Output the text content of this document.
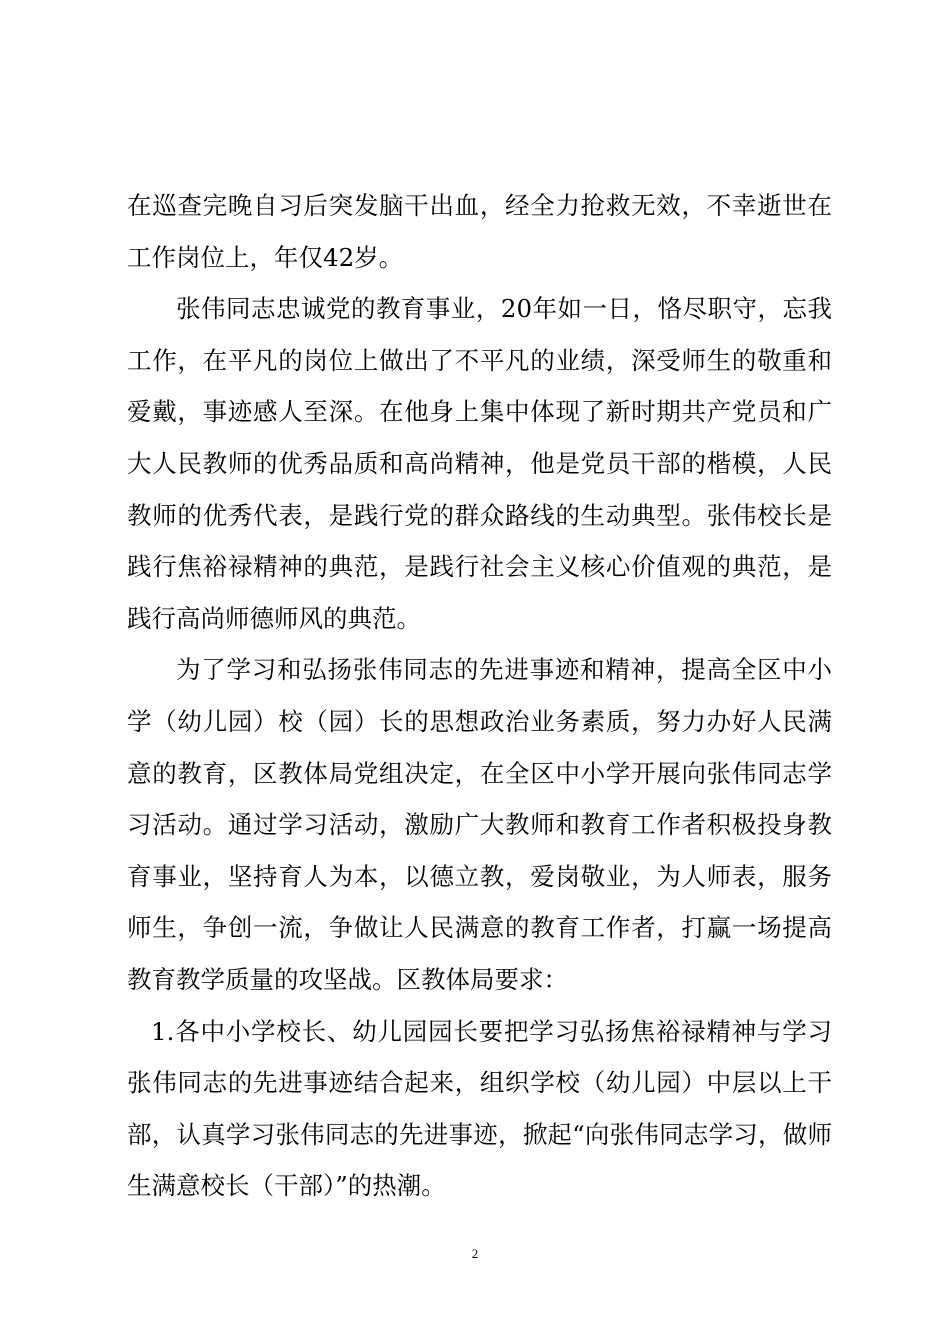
在巡查完晚自习后突发脑干出血，经全力抢救无效，不幸逝世在工作岗位上，年仅42岁。

张伟同志忠诚党的教育事业，20年如一日，恪尽职守，忘我工作，在平凡的岗位上做出了不平凡的业绩，深受师生的敬重和爱戴，事迹感人至深。在他身上集中体现了新时期共产党员和广大人民教师的优秀品质和高尚精神，他是党员干部的楷模，人民教师的优秀代表，是践行党的群众路线的生动典型。张伟校长是践行焦裕禄精神的典范，是践行社会主义核心价值观的典范，是践行高尚师德师风的典范。

为了学习和弘扬张伟同志的先进事迹和精神，提高全区中小学（幼儿园）校（园）长的思想政治业务素质，努力办好人民满意的教育，区教体局党组决定，在全区中小学开展向张伟同志学习活动。通过学习活动，激励广大教师和教育工作者积极投身教育事业，坚持育人为本，以德立教，爱岗敬业，为人师表，服务师生，争创一流，争做让人民满意的教育工作者，打赢一场提高教育教学质量的攻坚战。区教体局要求：

1.各中小学校长、幼儿园园长要把学习弘扬焦裕禄精神与学习张伟同志的先进事迹结合起来，组织学校（幼儿园）中层以上干部，认真学习张伟同志的先进事迹，掀起“向张伟同志学习，做师生满意校长（干部）”的热潮。

2
